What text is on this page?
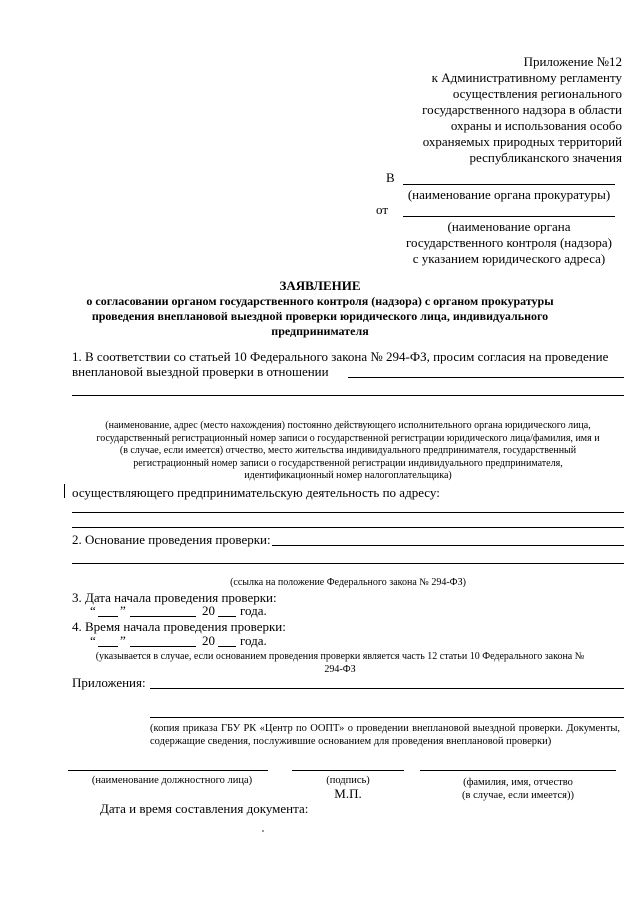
Приложение №12
к Административному регламенту
осуществления регионального
государственного надзора в области
охраны и использования особо
охраняемых природных территорий
республиканского значения
В
(наименование органа прокуратуры)
от
(наименование органа
государственного контроля (надзора)
с указанием юридического адреса)
ЗАЯВЛЕНИЕ
о согласовании органом государственного контроля (надзора) с органом прокуратуры
проведения внеплановой выездной проверки юридического лица, индивидуального
предпринимателя
1. В соответствии со статьей 10 Федерального закона № 294-ФЗ, просим согласия на проведение
внеплановой выездной проверки в отношении
(наименование, адрес (место нахождения) постоянно действующего исполнительного органа юридического лица,
государственный регистрационный номер записи о государственной регистрации юридического лица/фамилия, имя и
(в случае, если имеется) отчество, место жительства индивидуального предпринимателя, государственный
регистрационный номер записи о государственной регистрации индивидуального предпринимателя,
идентификационный номер налогоплательщика)
осуществляющего предпринимательскую деятельность по адресу:
2. Основание проведения проверки:
(ссылка на положение Федерального закона № 294-ФЗ)
3. Дата начала проведения проверки:
“ ”	20 года.
4. Время начала проведения проверки:
“ ”	20 года.
(указывается в случае, если основанием проведения проверки является часть 12 статьи 10 Федерального закона №
294-ФЗ
Приложения:
(копия приказа ГБУ РК «Центр по ООПТ» о проведении внеплановой выездной проверки. Документы, содержащие сведения, послужившие основанием для проведения внеплановой проверки)
(наименование должностного лица)	(подпись)	(фамилия, имя, отчество
(в случае, если имеется))
М.П.
Дата и время составления документа:
